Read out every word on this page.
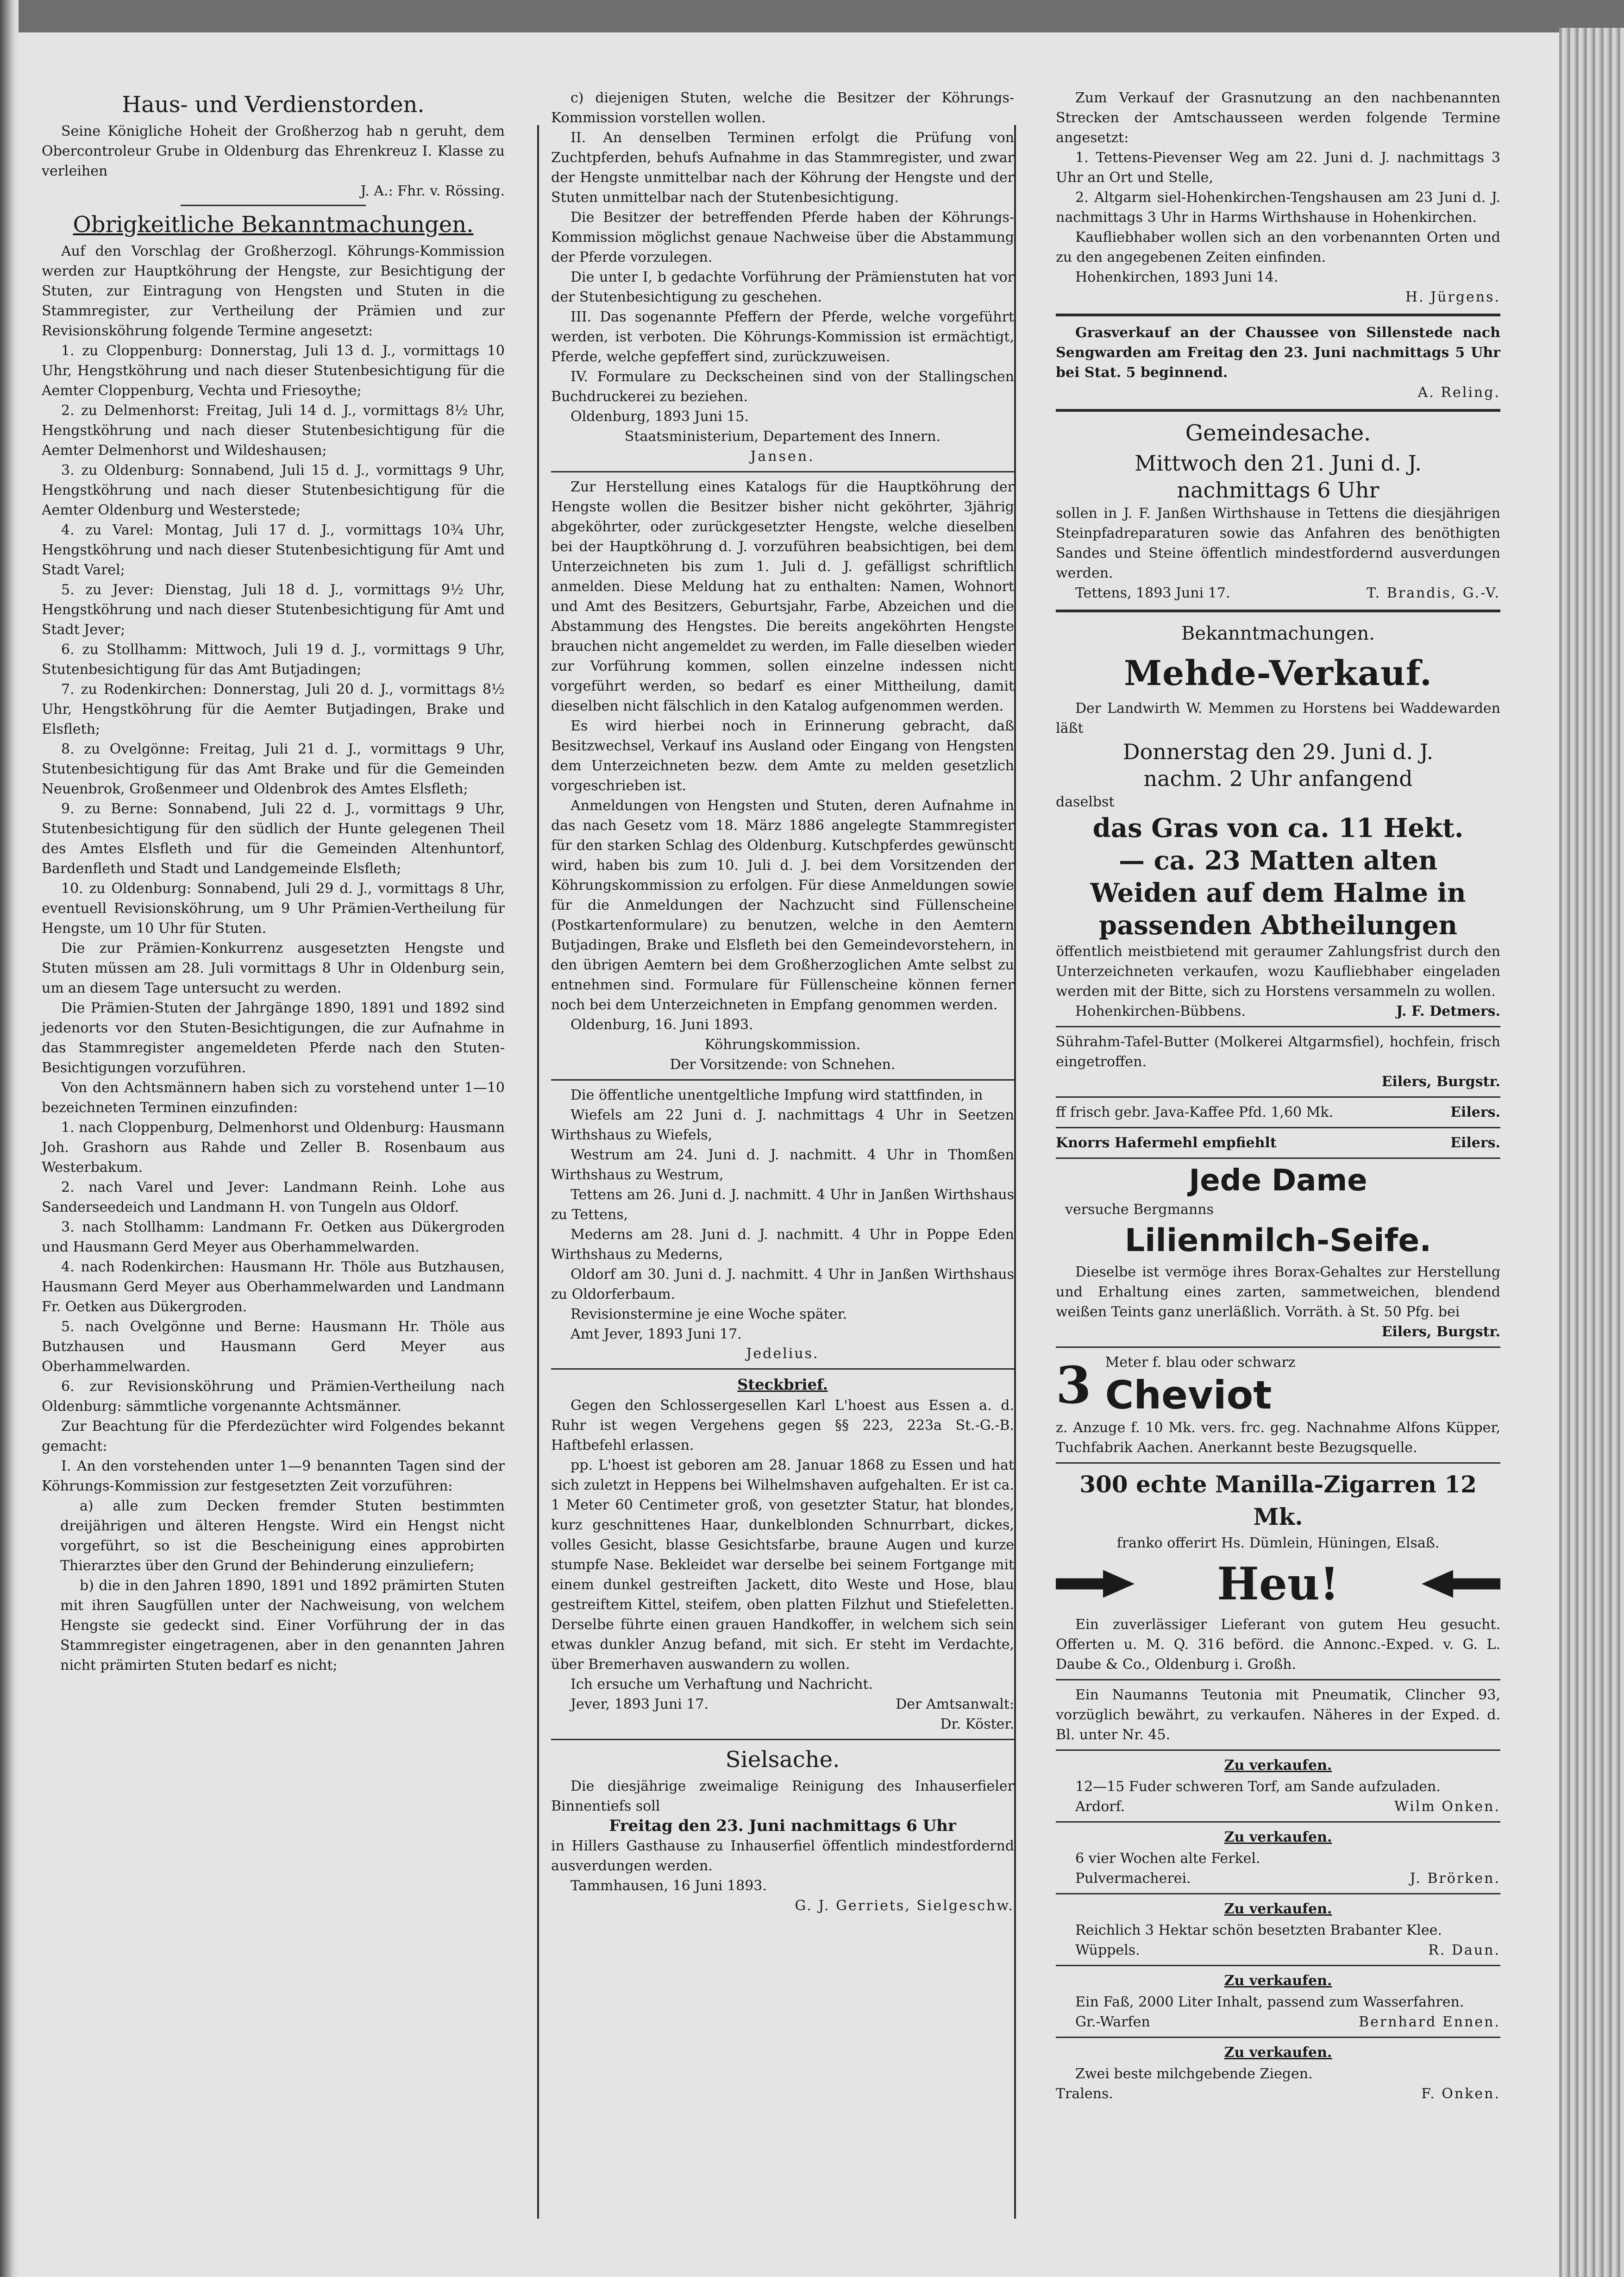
Haus- und Verdienstorden.

Seine Königliche Hoheit der Großherzog hab n geruht, dem Obercontroleur Grube in Oldenburg das Ehrenkreuz I. Klasse zu verleihen

J. A.: Fhr. v. Rössing.

Obrigkeitliche Bekanntmachungen.

Auf den Vorschlag der Großherzogl. Köhrungs-Kommission werden zur Hauptköhrung der Hengste, zur Besichtigung der Stuten, zur Eintragung von Hengsten und Stuten in die Stammregister, zur Vertheilung der Prämien und zur Revisionsköhrung folgende Termine angesetzt:

1. zu Cloppenburg: Donnerstag, Juli 13 d. J., vormittags 10 Uhr, Hengstköhrung und nach dieser Stutenbesichtigung für die Aemter Cloppenburg, Vechta und Friesoythe;

2. zu Delmenhorst: Freitag, Juli 14 d. J., vormittags 8½ Uhr, Hengstköhrung und nach dieser Stutenbesichtigung für die Aemter Delmenhorst und Wildeshausen;

3. zu Oldenburg: Sonnabend, Juli 15 d. J., vormittags 9 Uhr, Hengstköhrung und nach dieser Stutenbesichtigung für die Aemter Oldenburg und Westerstede;

4. zu Varel: Montag, Juli 17 d. J., vormittags 10¾ Uhr, Hengstköhrung und nach dieser Stutenbesichtigung für Amt und Stadt Varel;

5. zu Jever: Dienstag, Juli 18 d. J., vormittags 9½ Uhr, Hengstköhrung und nach dieser Stutenbesichtigung für Amt und Stadt Jever;

6. zu Stollhamm: Mittwoch, Juli 19 d. J., vormittags 9 Uhr, Stutenbesichtigung für das Amt Butjadingen;

7. zu Rodenkirchen: Donnerstag, Juli 20 d. J., vormittags 8½ Uhr, Hengstköhrung für die Aemter Butjadingen, Brake und Elsfleth;

8. zu Ovelgönne: Freitag, Juli 21 d. J., vormittags 9 Uhr, Stutenbesichtigung für das Amt Brake und für die Gemeinden Neuenbrok, Großenmeer und Oldenbrok des Amtes Elsfleth;

9. zu Berne: Sonnabend, Juli 22 d. J., vormittags 9 Uhr, Stutenbesichtigung für den südlich der Hunte gelegenen Theil des Amtes Elsfleth und für die Gemeinden Altenhuntorf, Bardenfleth und Stadt und Landgemeinde Elsfleth;

10. zu Oldenburg: Sonnabend, Juli 29 d. J., vormittags 8 Uhr, eventuell Revisionsköhrung, um 9 Uhr Prämien-Vertheilung für Hengste, um 10 Uhr für Stuten.

Die zur Prämien-Konkurrenz ausgesetzten Hengste und Stuten müssen am 28. Juli vormittags 8 Uhr in Oldenburg sein, um an diesem Tage untersucht zu werden.

Die Prämien-Stuten der Jahrgänge 1890, 1891 und 1892 sind jedenorts vor den Stuten-Besichtigungen, die zur Aufnahme in das Stammregister angemeldeten Pferde nach den Stuten-Besichtigungen vorzuführen.

Von den Achtsmännern haben sich zu vorstehend unter 1—10 bezeichneten Terminen einzufinden:

1. nach Cloppenburg, Delmenhorst und Oldenburg: Hausmann Joh. Grashorn aus Rahde und Zeller B. Rosenbaum aus Westerbakum.

2. nach Varel und Jever: Landmann Reinh. Lohe aus Sanderseedeich und Landmann H. von Tungeln aus Oldorf.

3. nach Stollhamm: Landmann Fr. Oetken aus Dükergroden und Hausmann Gerd Meyer aus Oberhammelwarden.

4. nach Rodenkirchen: Hausmann Hr. Thöle aus Butzhausen, Hausmann Gerd Meyer aus Oberhammelwarden und Landmann Fr. Oetken aus Dükergroden.

5. nach Ovelgönne und Berne: Hausmann Hr. Thöle aus Butzhausen und Hausmann Gerd Meyer aus Oberhammelwarden.

6. zur Revisionsköhrung und Prämien-Vertheilung nach Oldenburg: sämmtliche vorgenannte Achtsmänner.

Zur Beachtung für die Pferdezüchter wird Folgendes bekannt gemacht:

I. An den vorstehenden unter 1—9 benannten Tagen sind der Köhrungs-Kommission zur festgesetzten Zeit vorzuführen:

a) alle zum Decken fremder Stuten bestimmten dreijährigen und älteren Hengste. Wird ein Hengst nicht vorgeführt, so ist die Bescheinigung eines approbirten Thierarztes über den Grund der Behinderung einzuliefern;

b) die in den Jahren 1890, 1891 und 1892 prämirten Stuten mit ihren Saugfüllen unter der Nachweisung, von welchem Hengste sie gedeckt sind. Einer Vorführung der in das Stammregister eingetragenen, aber in den genannten Jahren nicht prämirten Stuten bedarf es nicht;

c) diejenigen Stuten, welche die Besitzer der Köhrungs-Kommission vorstellen wollen.

II. An denselben Terminen erfolgt die Prüfung von Zuchtpferden, behufs Aufnahme in das Stammregister, und zwar der Hengste unmittelbar nach der Köhrung der Hengste und der Stuten unmittelbar nach der Stutenbesichtigung.

Die Besitzer der betreffenden Pferde haben der Köhrungs-Kommission möglichst genaue Nachweise über die Abstammung der Pferde vorzulegen.

Die unter I, b gedachte Vorführung der Prämienstuten hat vor der Stutenbesichtigung zu geschehen.

III. Das sogenannte Pfeffern der Pferde, welche vorgeführt werden, ist verboten. Die Köhrungs-Kommission ist ermächtigt, Pferde, welche gepfeffert sind, zurückzuweisen.

IV. Formulare zu Deckscheinen sind von der Stallingschen Buchdruckerei zu beziehen.

Oldenburg, 1893 Juni 15.

Staatsministerium, Departement des Innern.

Jansen.

Zur Herstellung eines Katalogs für die Hauptköhrung der Hengste wollen die Besitzer bisher nicht geköhrter, 3jährig abgeköhrter, oder zurückgesetzter Hengste, welche dieselben bei der Hauptköhrung d. J. vorzuführen beabsichtigen, bei dem Unterzeichneten bis zum 1. Juli d. J. gefälligst schriftlich anmelden. Diese Meldung hat zu enthalten: Namen, Wohnort und Amt des Besitzers, Geburtsjahr, Farbe, Abzeichen und die Abstammung des Hengstes. Die bereits angeköhrten Hengste brauchen nicht angemeldet zu werden, im Falle dieselben wieder zur Vorführung kommen, sollen einzelne indessen nicht vorgeführt werden, so bedarf es einer Mittheilung, damit dieselben nicht fälschlich in den Katalog aufgenommen werden.

Es wird hierbei noch in Erinnerung gebracht, daß Besitzwechsel, Verkauf ins Ausland oder Eingang von Hengsten dem Unterzeichneten bezw. dem Amte zu melden gesetzlich vorgeschrieben ist.

Anmeldungen von Hengsten und Stuten, deren Aufnahme in das nach Gesetz vom 18. März 1886 angelegte Stammregister für den starken Schlag des Oldenburg. Kutschpferdes gewünscht wird, haben bis zum 10. Juli d. J. bei dem Vorsitzenden der Köhrungskommission zu erfolgen. Für diese Anmeldungen sowie für die Anmeldungen der Nachzucht sind Füllenscheine (Postkartenformulare) zu benutzen, welche in den Aemtern Butjadingen, Brake und Elsfleth bei den Gemeindevorstehern, in den übrigen Aemtern bei dem Großherzoglichen Amte selbst zu entnehmen sind. Formulare für Füllenscheine können ferner noch bei dem Unterzeichneten in Empfang genommen werden.

Oldenburg, 16. Juni 1893.

Köhrungskommission.

Der Vorsitzende: von Schnehen.

Die öffentliche unentgeltliche Impfung wird stattfinden, in

Wiefels am 22 Juni d. J. nachmittags 4 Uhr in Seetzen Wirthshaus zu Wiefels,

Westrum am 24. Juni d. J. nachmitt. 4 Uhr in Thomßen Wirthshaus zu Westrum,

Tettens am 26. Juni d. J. nachmitt. 4 Uhr in Janßen Wirthshaus zu Tettens,

Mederns am 28. Juni d. J. nachmitt. 4 Uhr in Poppe Eden Wirthshaus zu Mederns,

Oldorf am 30. Juni d. J. nachmitt. 4 Uhr in Janßen Wirthshaus zu Oldorferbaum.

Revisionstermine je eine Woche später.

Amt Jever, 1893 Juni 17.

Jedelius.

Steckbrief.

Gegen den Schlossergesellen Karl L'hoest aus Essen a. d. Ruhr ist wegen Vergehens gegen §§ 223, 223a St.-G.-B. Haftbefehl erlassen.

pp. L'hoest ist geboren am 28. Januar 1868 zu Essen und hat sich zuletzt in Heppens bei Wilhelmshaven aufgehalten. Er ist ca. 1 Meter 60 Centimeter groß, von gesetzter Statur, hat blondes, kurz geschnittenes Haar, dunkelblonden Schnurrbart, dickes, volles Gesicht, blasse Gesichtsfarbe, braune Augen und kurze stumpfe Nase. Bekleidet war derselbe bei seinem Fortgange mit einem dunkel gestreiften Jackett, dito Weste und Hose, blau gestreiftem Kittel, steifem, oben platten Filzhut und Stiefeletten. Derselbe führte einen grauen Handkoffer, in welchem sich sein etwas dunkler Anzug befand, mit sich. Er steht im Verdachte, über Bremerhaven auswandern zu wollen.

Ich ersuche um Verhaftung und Nachricht.

Jever, 1893 Juni 17.	Der Amtsanwalt:

Dr. Köster.

Sielsache.

Die diesjährige zweimalige Reinigung des Inhauserfieler Binnentiefs soll

Freitag den 23. Juni nachmittags 6 Uhr

in Hillers Gasthause zu Inhauserfiel öffentlich mindestfordernd ausverdungen werden.

Tammhausen, 16 Juni 1893.

G. J. Gerriets, Sielgeschw.

Zum Verkauf der Grasnutzung an den nachbenannten Strecken der Amtschausseen werden folgende Termine angesetzt:

1. Tettens-Pievenser Weg am 22. Juni d. J. nachmittags 3 Uhr an Ort und Stelle,

2. Altgarm siel-Hohenkirchen-Tengshausen am 23 Juni d. J. nachmittags 3 Uhr in Harms Wirthshause in Hohenkirchen.

Kaufliebhaber wollen sich an den vorbenannten Orten und zu den angegebenen Zeiten einfinden.

Hohenkirchen, 1893 Juni 14.

H. Jürgens.

Grasverkauf an der Chaussee von Sillenstede nach Sengwarden am Freitag den 23. Juni nachmittags 5 Uhr bei Stat. 5 beginnend.

A. Reling.

Gemeindesache.

Mittwoch den 21. Juni d. J.

nachmittags 6 Uhr

sollen in J. F. Janßen Wirthshause in Tettens die diesjährigen Steinpfadreparaturen sowie das Anfahren des benöthigten Sandes und Steine öffentlich mindestfordernd ausverdungen werden.

Tettens, 1893 Juni 17.	T. Brandis, G.-V.

Bekanntmachungen.

Mehde-Verkauf.

Der Landwirth W. Memmen zu Horstens bei Waddewarden läßt

Donnerstag den 29. Juni d. J.

nachm. 2 Uhr anfangend

daselbst

das Gras von ca. 11 Hekt.

— ca. 23 Matten alten

Weiden auf dem Halme in

passenden Abtheilungen

öffentlich meistbietend mit geraumer Zahlungsfrist durch den Unterzeichneten verkaufen, wozu Kaufliebhaber eingeladen werden mit der Bitte, sich zu Horstens versammeln zu wollen.

Hohenkirchen-Bübbens.	J. F. Detmers.

Sührahm-Tafel-Butter (Molkerei Altgarmsfiel), hochfein, frisch eingetroffen.

Eilers, Burgstr.

ff frisch gebr. Java-Kaffee Pfd. 1,60 Mk.	Eilers.
Knorrs Hafermehl empfiehlt	Eilers.

Jede Dame

versuche Bergmanns

Lilienmilch-Seife.

Dieselbe ist vermöge ihres Borax-Gehaltes zur Herstellung und Erhaltung eines zarten, sammetweichen, blendend weißen Teints ganz unerläßlich. Vorräth. à St. 50 Pfg. bei

Eilers, Burgstr.

3 Meter f. blau oder schwarz
Cheviot

z. Anzuge f. 10 Mk. vers. frc. geg. Nachnahme Alfons Küpper, Tuchfabrik Aachen. Anerkannt beste Bezugsquelle.

300 echte Manilla-Zigarren 12 Mk.

franko offerirt Hs. Dümlein, Hüningen, Elsaß.

Heu!

Ein zuverlässiger Lieferant von gutem Heu gesucht. Offerten u. M. Q. 316 beförd. die Annonc.-Exped. v. G. L. Daube & Co., Oldenburg i. Großh.

Ein Naumanns Teutonia mit Pneumatik, Clincher 93, vorzüglich bewährt, zu verkaufen. Näheres in der Exped. d. Bl. unter Nr. 45.

Zu verkaufen.

12—15 Fuder schweren Torf, am Sande aufzuladen.

Ardorf.	Wilm Onken.

Zu verkaufen.

6 vier Wochen alte Ferkel.

Pulvermacherei.	J. Brörken.

Zu verkaufen.

Reichlich 3 Hektar schön besetzten Brabanter Klee.

Wüppels.	R. Daun.

Zu verkaufen.

Ein Faß, 2000 Liter Inhalt, passend zum Wasserfahren.

Gr.-Warfen	Bernhard Ennen.

Zu verkaufen.

Zwei beste milchgebende Ziegen.

Tralens.	F. Onken.
